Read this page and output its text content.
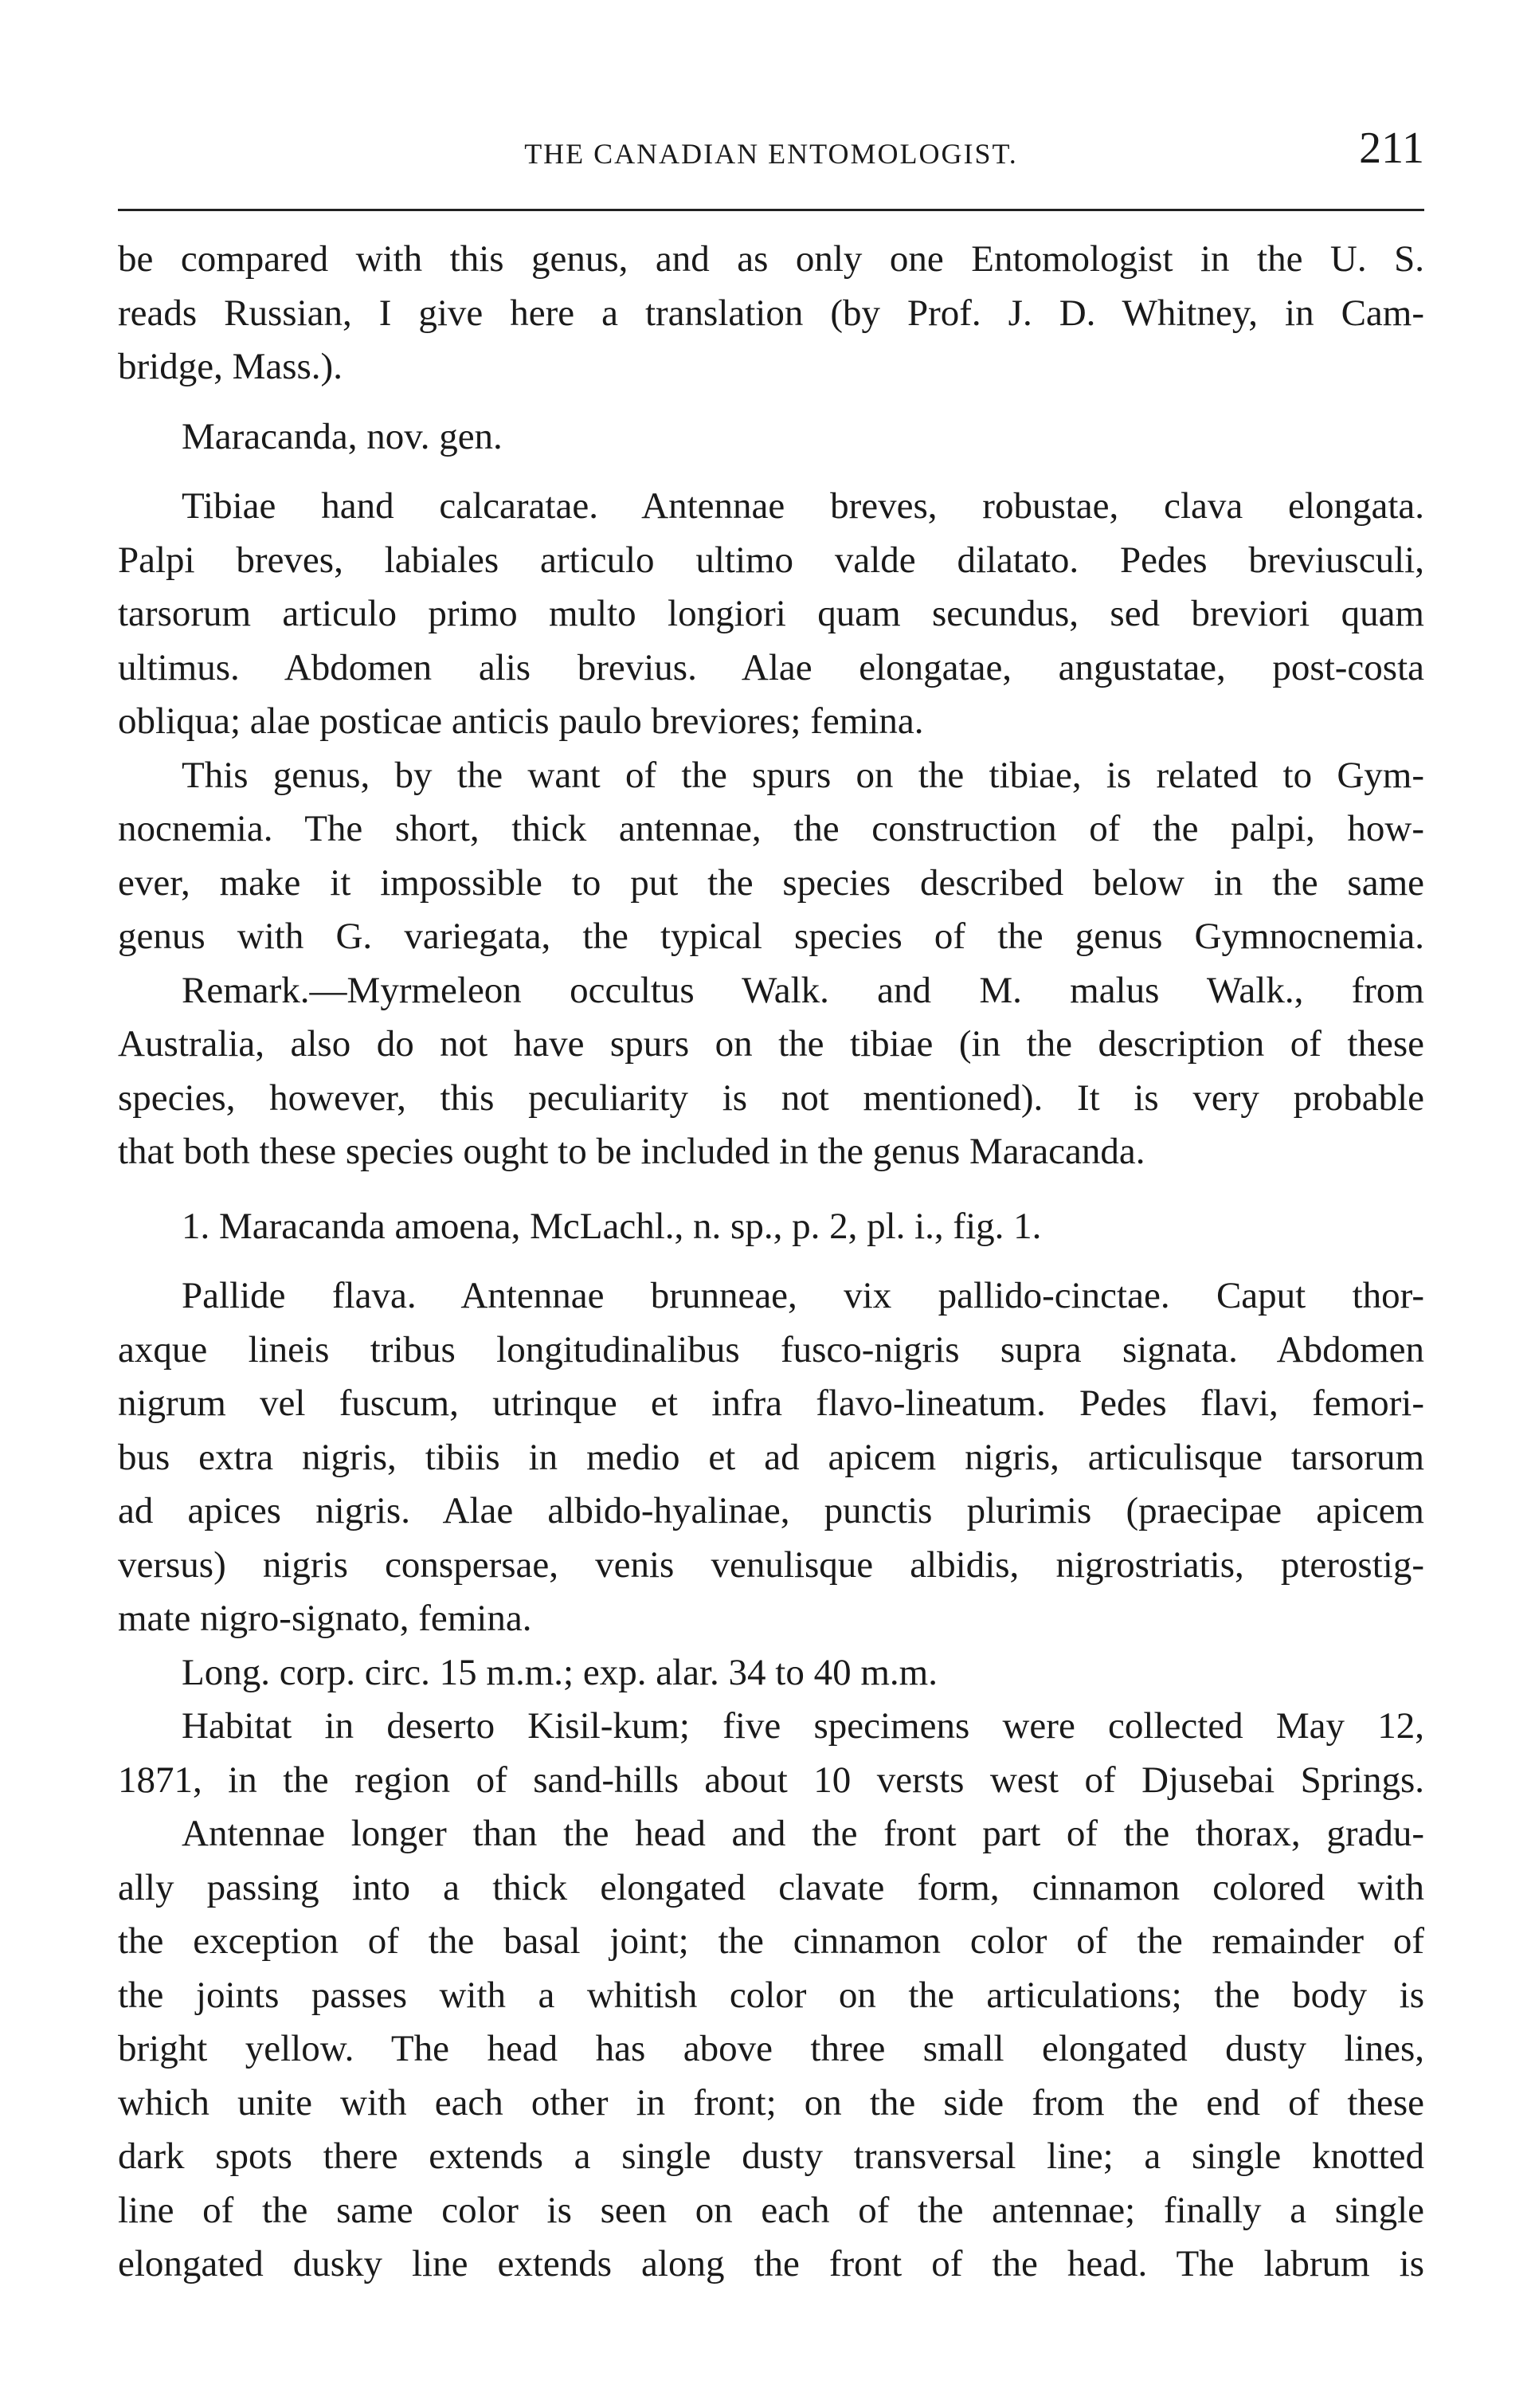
THE CANADIAN ENTOMOLOGIST.	211
be compared with this genus, and as only one Entomologist in the U. S.
reads Russian, I give here a translation (by Prof. J. D. Whitney, in Cam-
bridge, Mass.).
Maracanda, nov. gen.
Tibiae hand calcaratae. Antennae breves, robustae, clava elongata.
Palpi breves, labiales articulo ultimo valde dilatato. Pedes breviusculi,
tarsorum articulo primo multo longiori quam secundus, sed breviori quam
ultimus. Abdomen alis brevius. Alae elongatae, angustatae, post-costa
obliqua; alae posticae anticis paulo breviores; femina.
This genus, by the want of the spurs on the tibiae, is related to Gym-
nocnemia. The short, thick antennae, the construction of the palpi, how-
ever, make it impossible to put the species described below in the same
genus with G. variegata, the typical species of the genus Gymnocnemia.
Remark.—Myrmeleon occultus Walk. and M. malus Walk., from
Australia, also do not have spurs on the tibiae (in the description of these
species, however, this peculiarity is not mentioned). It is very probable
that both these species ought to be included in the genus Maracanda.
1. Maracanda amoena, McLachl., n. sp., p. 2, pl. i., fig. 1.
Pallide flava. Antennae brunneae, vix pallido-cinctae. Caput thor-
axque lineis tribus longitudinalibus fusco-nigris supra signata. Abdomen
nigrum vel fuscum, utrinque et infra flavo-lineatum. Pedes flavi, femori-
bus extra nigris, tibiis in medio et ad apicem nigris, articulisque tarsorum
ad apices nigris. Alae albido-hyalinae, punctis plurimis (praecipae apicem
versus) nigris conspersae, venis venulisque albidis, nigrostriatis, pterostig-
mate nigro-signato, femina.
Long. corp. circ. 15 m.m.; exp. alar. 34 to 40 m.m.
Habitat in deserto Kisil-kum; five specimens were collected May 12,
1871, in the region of sand-hills about 10 versts west of Djusebai Springs.
Antennae longer than the head and the front part of the thorax, gradu-
ally passing into a thick elongated clavate form, cinnamon colored with
the exception of the basal joint; the cinnamon color of the remainder of
the joints passes with a whitish color on the articulations; the body is
bright yellow. The head has above three small elongated dusty lines,
which unite with each other in front; on the side from the end of these
dark spots there extends a single dusty transversal line; a single knotted
line of the same color is seen on each of the antennae; finally a single
elongated dusky line extends along the front of the head. The labrum is
